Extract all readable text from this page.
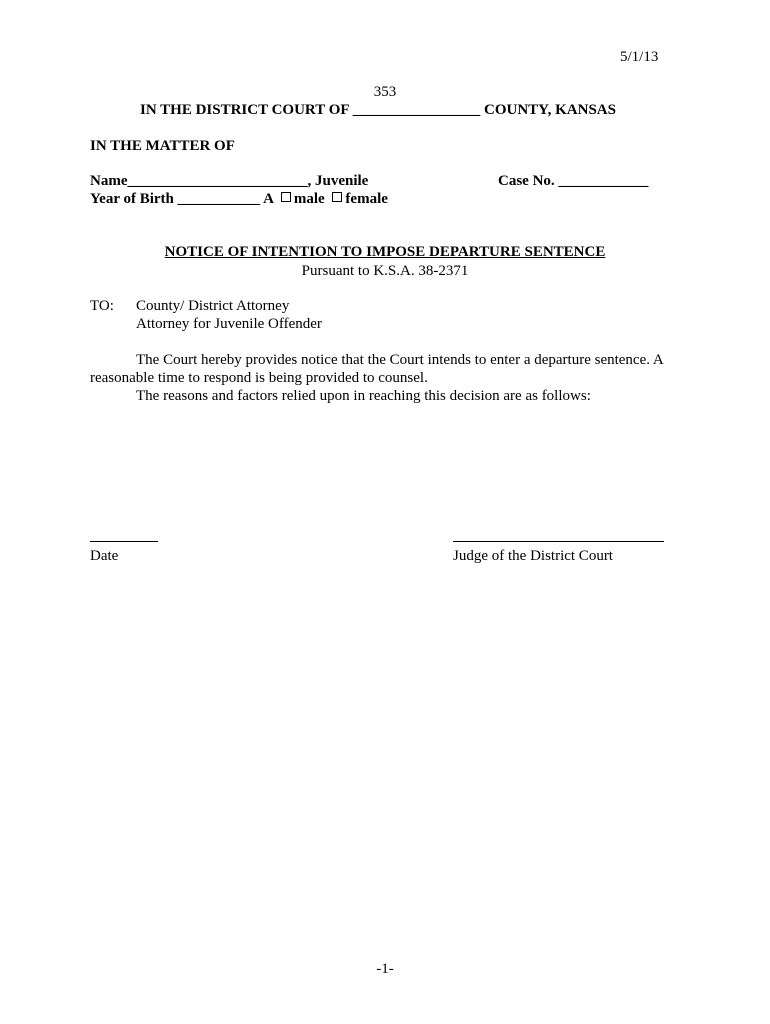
5/1/13
353
IN THE DISTRICT COURT OF _________________ COUNTY, KANSAS
IN THE MATTER OF
Name________________________, Juvenile	Case No. ____________
Year of Birth ___________ A male female
NOTICE OF INTENTION TO IMPOSE DEPARTURE SENTENCE
Pursuant to K.S.A. 38-2371
TO: County/ District Attorney
Attorney for Juvenile Offender
The Court hereby provides notice that the Court intends to enter a departure sentence. A
reasonable time to respond is being provided to counsel.
The reasons and factors relied upon in reaching this decision are as follows:
Date	Judge of the District Court
-1-
